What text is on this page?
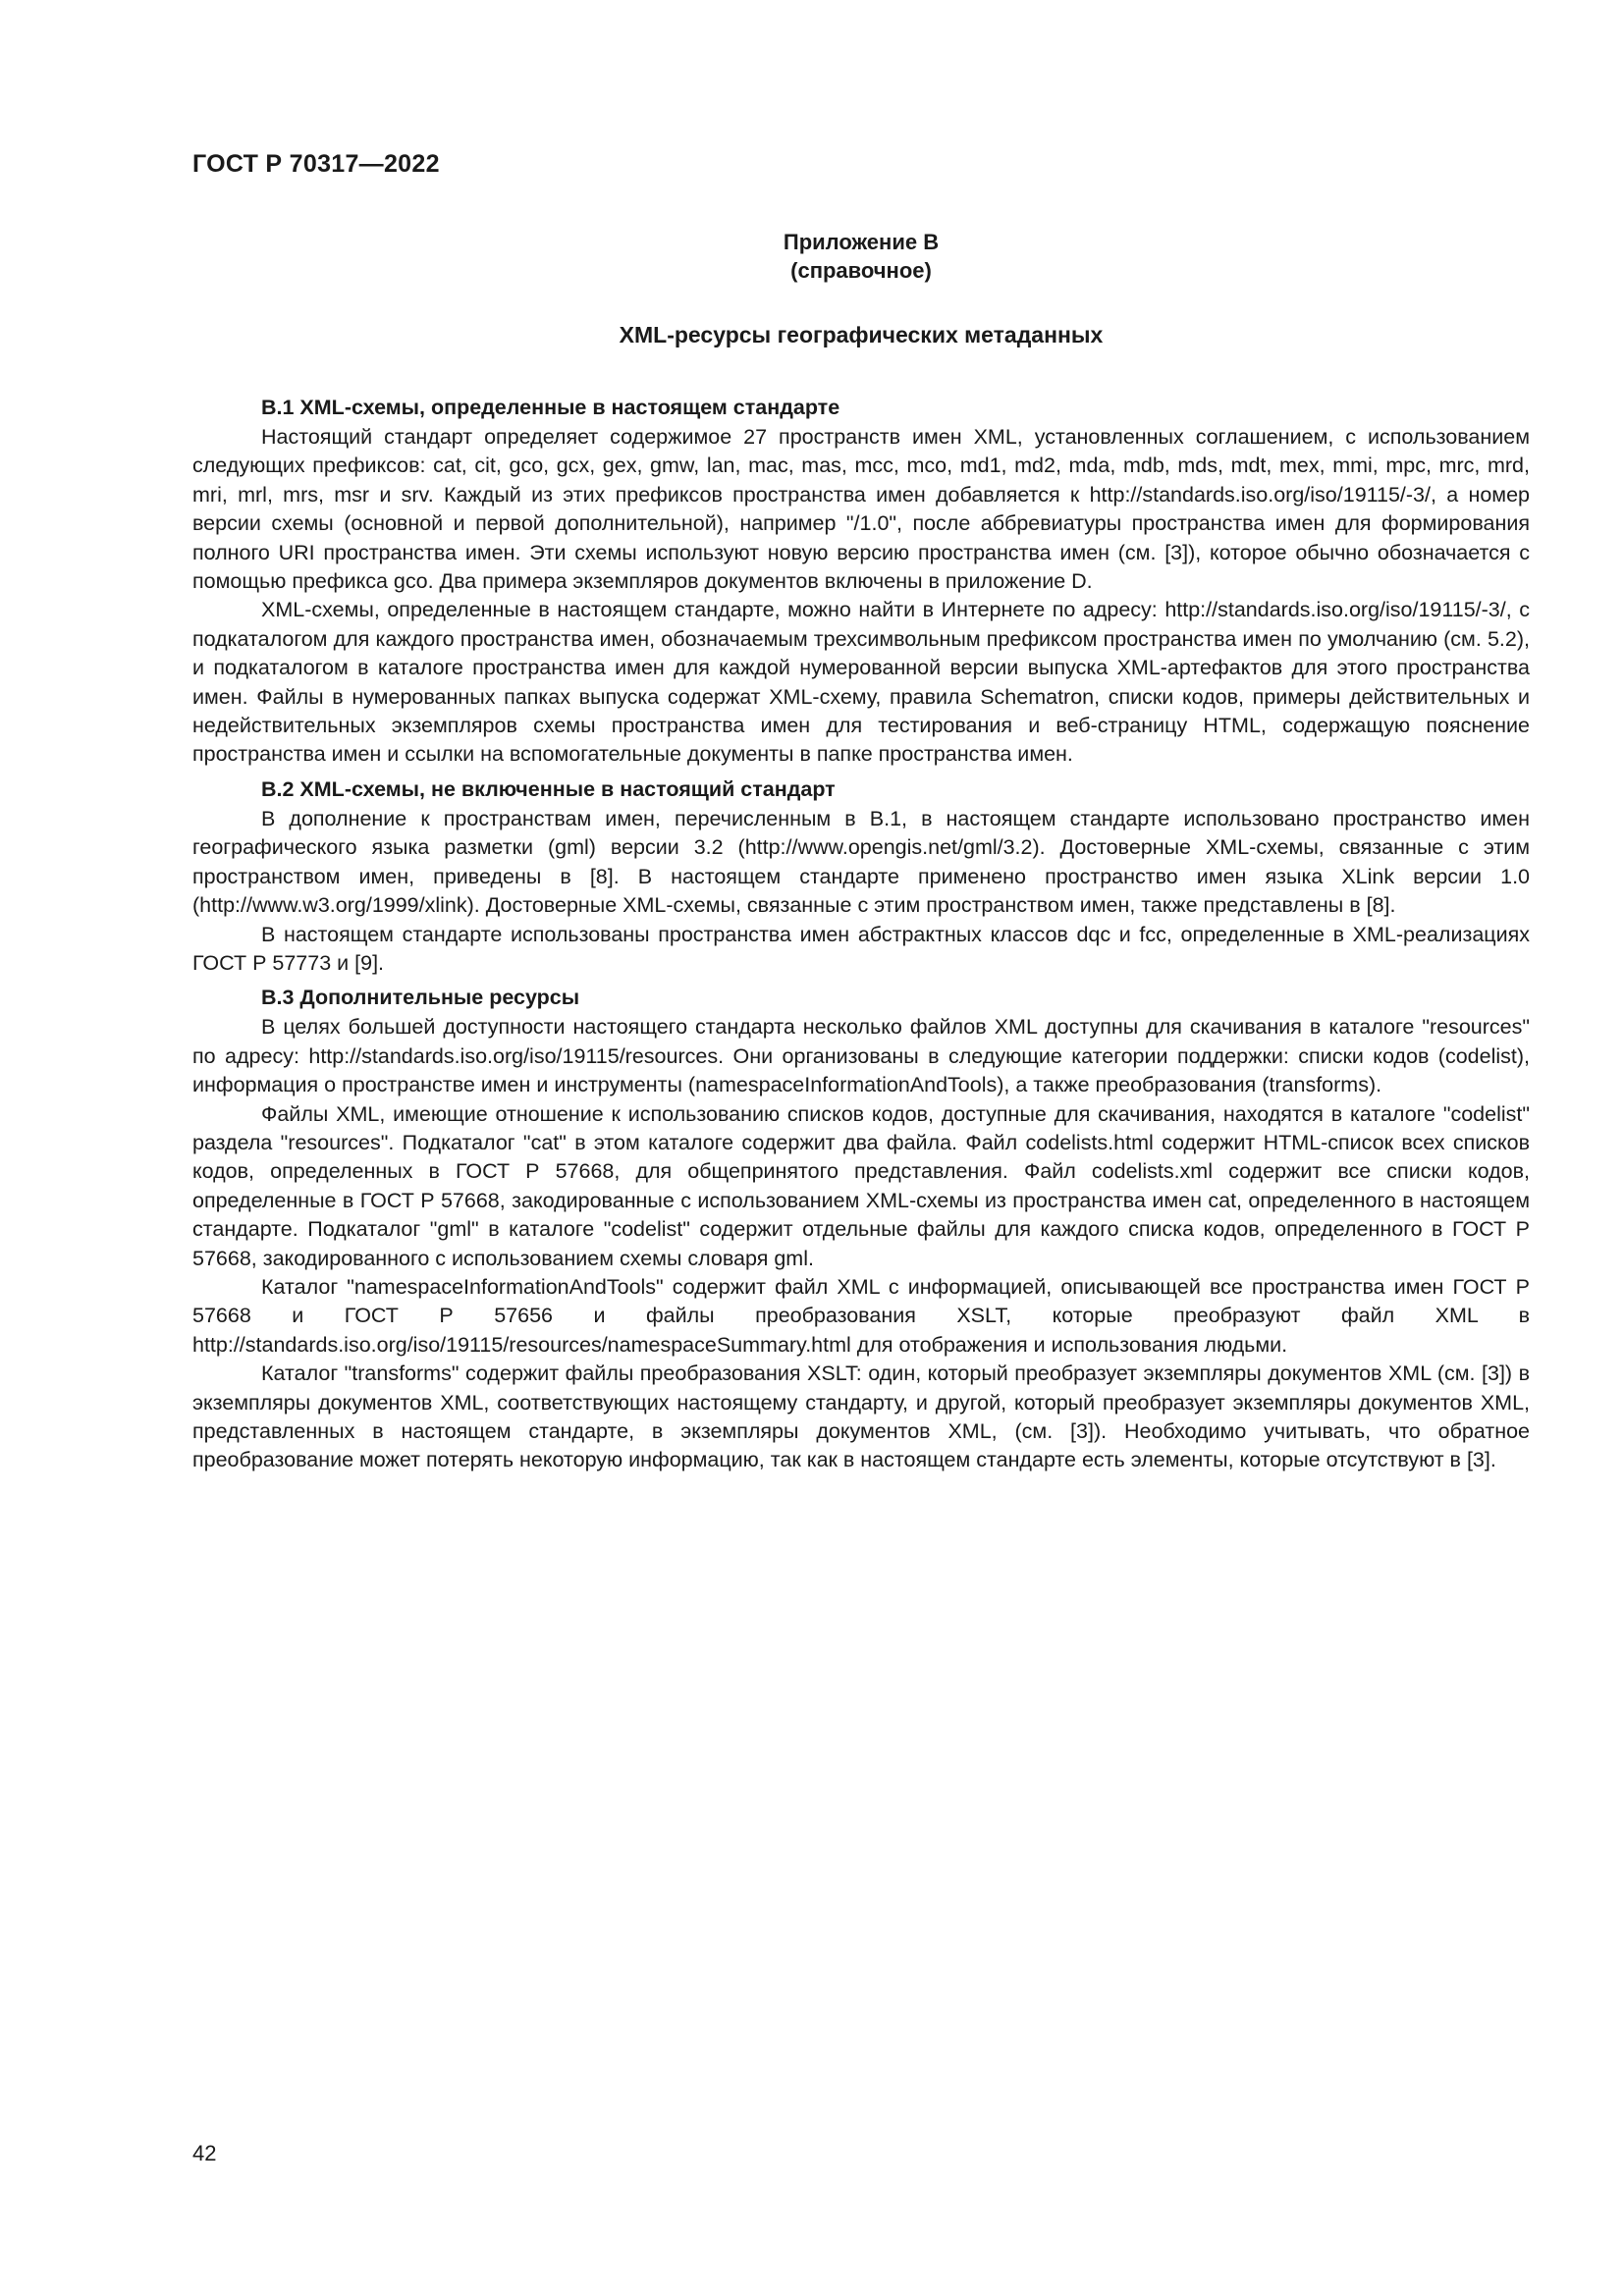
ГОСТ Р 70317—2022
Приложение В
(справочное)
XML-ресурсы географических метаданных

В.1 XML-схемы, определенные в настоящем стандарте

Настоящий стандарт определяет содержимое 27 пространств имен XML, установленных соглашением, с использованием следующих префиксов: cat, cit, gco, gcx, gex, gmw, lan, mac, mas, mcc, mco, md1, md2, mda, mdb, mds, mdt, mex, mmi, mpc, mrc, mrd, mri, mrl, mrs, msr и srv. Каждый из этих префиксов пространства имен добавляется к http://standards.iso.org/iso/19115/-3/, а номер версии схемы (основной и первой дополнительной), например "/1.0", после аббревиатуры пространства имен для формирования полного URI пространства имен. Эти схемы используют новую версию пространства имен (см. [3]), которое обычно обозначается с помощью префикса gco. Два примера экземпляров документов включены в приложение D.

XML-схемы, определенные в настоящем стандарте, можно найти в Интернете по адресу: http://standards.iso.org/iso/19115/-3/, с подкаталогом для каждого пространства имен, обозначаемым трехсимвольным префиксом пространства имен по умолчанию (см. 5.2), и подкаталогом в каталоге пространства имен для каждой нумерованной версии выпуска XML-артефактов для этого пространства имен. Файлы в нумерованных папках выпуска содержат XML-схему, правила Schematron, списки кодов, примеры действительных и недействительных экземпляров схемы пространства имен для тестирования и веб-страницу HTML, содержащую пояснение пространства имен и ссылки на вспомогательные документы в папке пространства имен.

В.2 XML-схемы, не включенные в настоящий стандарт

В дополнение к пространствам имен, перечисленным в В.1, в настоящем стандарте использовано пространство имен географического языка разметки (gml) версии 3.2 (http://www.opengis.net/gml/3.2). Достоверные XML-схемы, связанные с этим пространством имен, приведены в [8]. В настоящем стандарте применено пространство имен языка XLink версии 1.0 (http://www.w3.org/1999/xlink). Достоверные XML-схемы, связанные с этим пространством имен, также представлены в [8].

В настоящем стандарте использованы пространства имен абстрактных классов dqc и fcc, определенные в XML-реализациях ГОСТ Р 57773 и [9].

В.3 Дополнительные ресурсы

В целях большей доступности настоящего стандарта несколько файлов XML доступны для скачивания в каталоге "resources" по адресу: http://standards.iso.org/iso/19115/resources. Они организованы в следующие категории поддержки: списки кодов (codelist), информация о пространстве имен и инструменты (namespaceInformationAndTools), а также преобразования (transforms).

Файлы XML, имеющие отношение к использованию списков кодов, доступные для скачивания, находятся в каталоге "codelist" раздела "resources". Подкаталог "cat" в этом каталоге содержит два файла. Файл codelists.html содержит HTML-список всех списков кодов, определенных в ГОСТ Р 57668, для общепринятого представления. Файл codelists.xml содержит все списки кодов, определенные в ГОСТ Р 57668, закодированные с использованием XML-схемы из пространства имен cat, определенного в настоящем стандарте. Подкаталог "gml" в каталоге "codelist" содержит отдельные файлы для каждого списка кодов, определенного в ГОСТ Р 57668, закодированного с использованием схемы словаря gml.

Каталог "namespaceInformationAndTools" содержит файл XML с информацией, описывающей все пространства имен ГОСТ Р 57668 и ГОСТ Р 57656 и файлы преобразования XSLT, которые преобразуют файл XML в http://standards.iso.org/iso/19115/resources/namespaceSummary.html для отображения и использования людьми.

Каталог "transforms" содержит файлы преобразования XSLT: один, который преобразует экземпляры документов XML (см. [3]) в экземпляры документов XML, соответствующих настоящему стандарту, и другой, который преобразует экземпляры документов XML, представленных в настоящем стандарте, в экземпляры документов XML, (см. [3]). Необходимо учитывать, что обратное преобразование может потерять некоторую информацию, так как в настоящем стандарте есть элементы, которые отсутствуют в [3].

42
